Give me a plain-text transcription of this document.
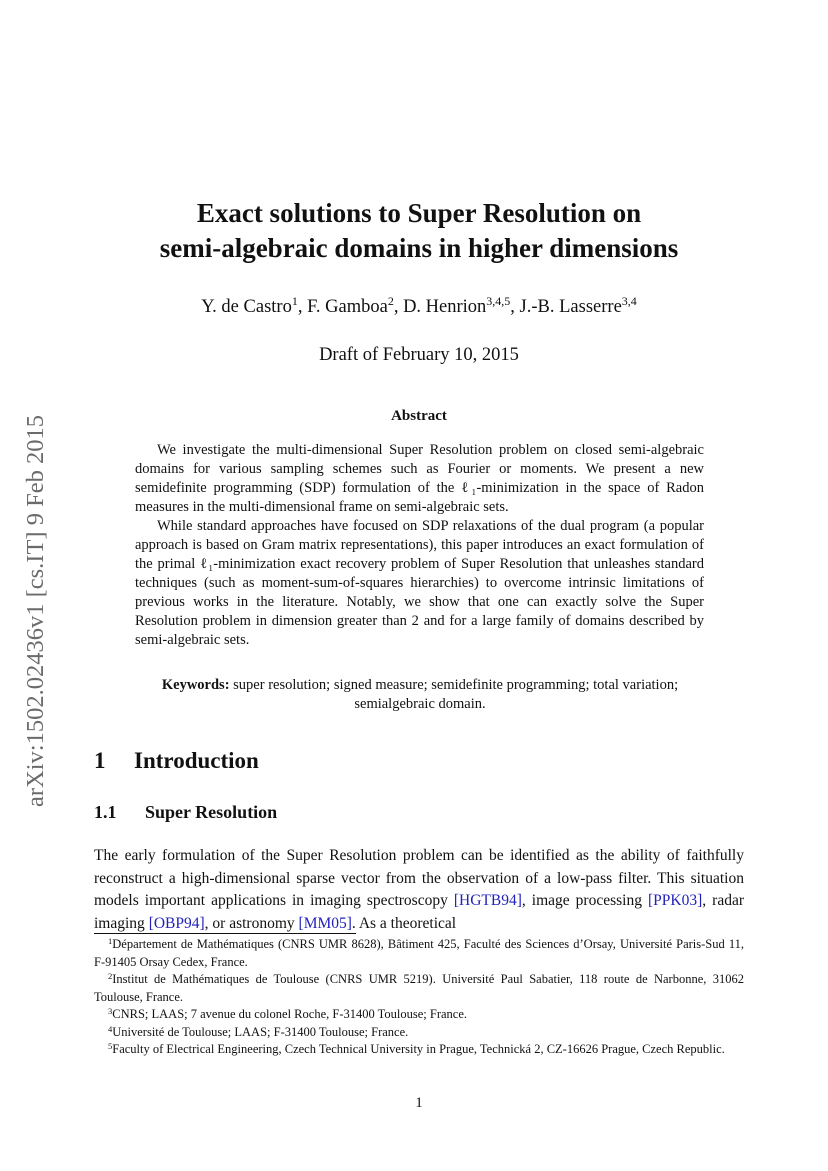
arXiv:1502.02436v1 [cs.IT] 9 Feb 2015
Exact solutions to Super Resolution on
semi-algebraic domains in higher dimensions
Y. de Castro$^1$, F. Gamboa$^2$, D. Henrion$^{3,4,5}$, J.-B. Lasserre$^{3,4}$
Draft of February 10, 2015
Abstract

We investigate the multi-dimensional Super Resolution problem on closed semi-algebraic domains for various sampling schemes such as Fourier or moments. We present a new semidefinite programming (SDP) formulation of the ℓ₁-minimization in the space of Radon measures in the multi-dimensional frame on semi-algebraic sets.

While standard approaches have focused on SDP relaxations of the dual program (a popular approach is based on Gram matrix representations), this paper introduces an exact formulation of the primal ℓ₁-minimization exact recovery problem of Super Resolution that unleashes standard techniques (such as moment-sum-of-squares hierarchies) to overcome intrinsic limitations of previous works in the literature. Notably, we show that one can exactly solve the Super Resolution problem in dimension greater than 2 and for a large family of domains described by semi-algebraic sets.

Keywords: super resolution; signed measure; semidefinite programming; total variation; semialgebraic domain.
1 Introduction
1.1 Super Resolution

The early formulation of the Super Resolution problem can be identified as the ability of faithfully reconstruct a high-dimensional sparse vector from the observation of a low-pass filter. This situation models important applications in imaging spectroscopy [HGTB94], image processing [PPK03], radar imaging [OBP94], or astronomy [MM05]. As a theoretical

$^1$Département de Mathématiques (CNRS UMR 8628), Bâtiment 425, Faculté des Sciences d’Orsay, Université Paris-Sud 11, F-91405 Orsay Cedex, France.

$^2$Institut de Mathématiques de Toulouse (CNRS UMR 5219). Université Paul Sabatier, 118 route de Narbonne, 31062 Toulouse, France.

$^3$CNRS; LAAS; 7 avenue du colonel Roche, F-31400 Toulouse; France.

$^4$Université de Toulouse; LAAS; F-31400 Toulouse; France.

$^5$Faculty of Electrical Engineering, Czech Technical University in Prague, Technická 2, CZ-16626 Prague, Czech Republic.

1
